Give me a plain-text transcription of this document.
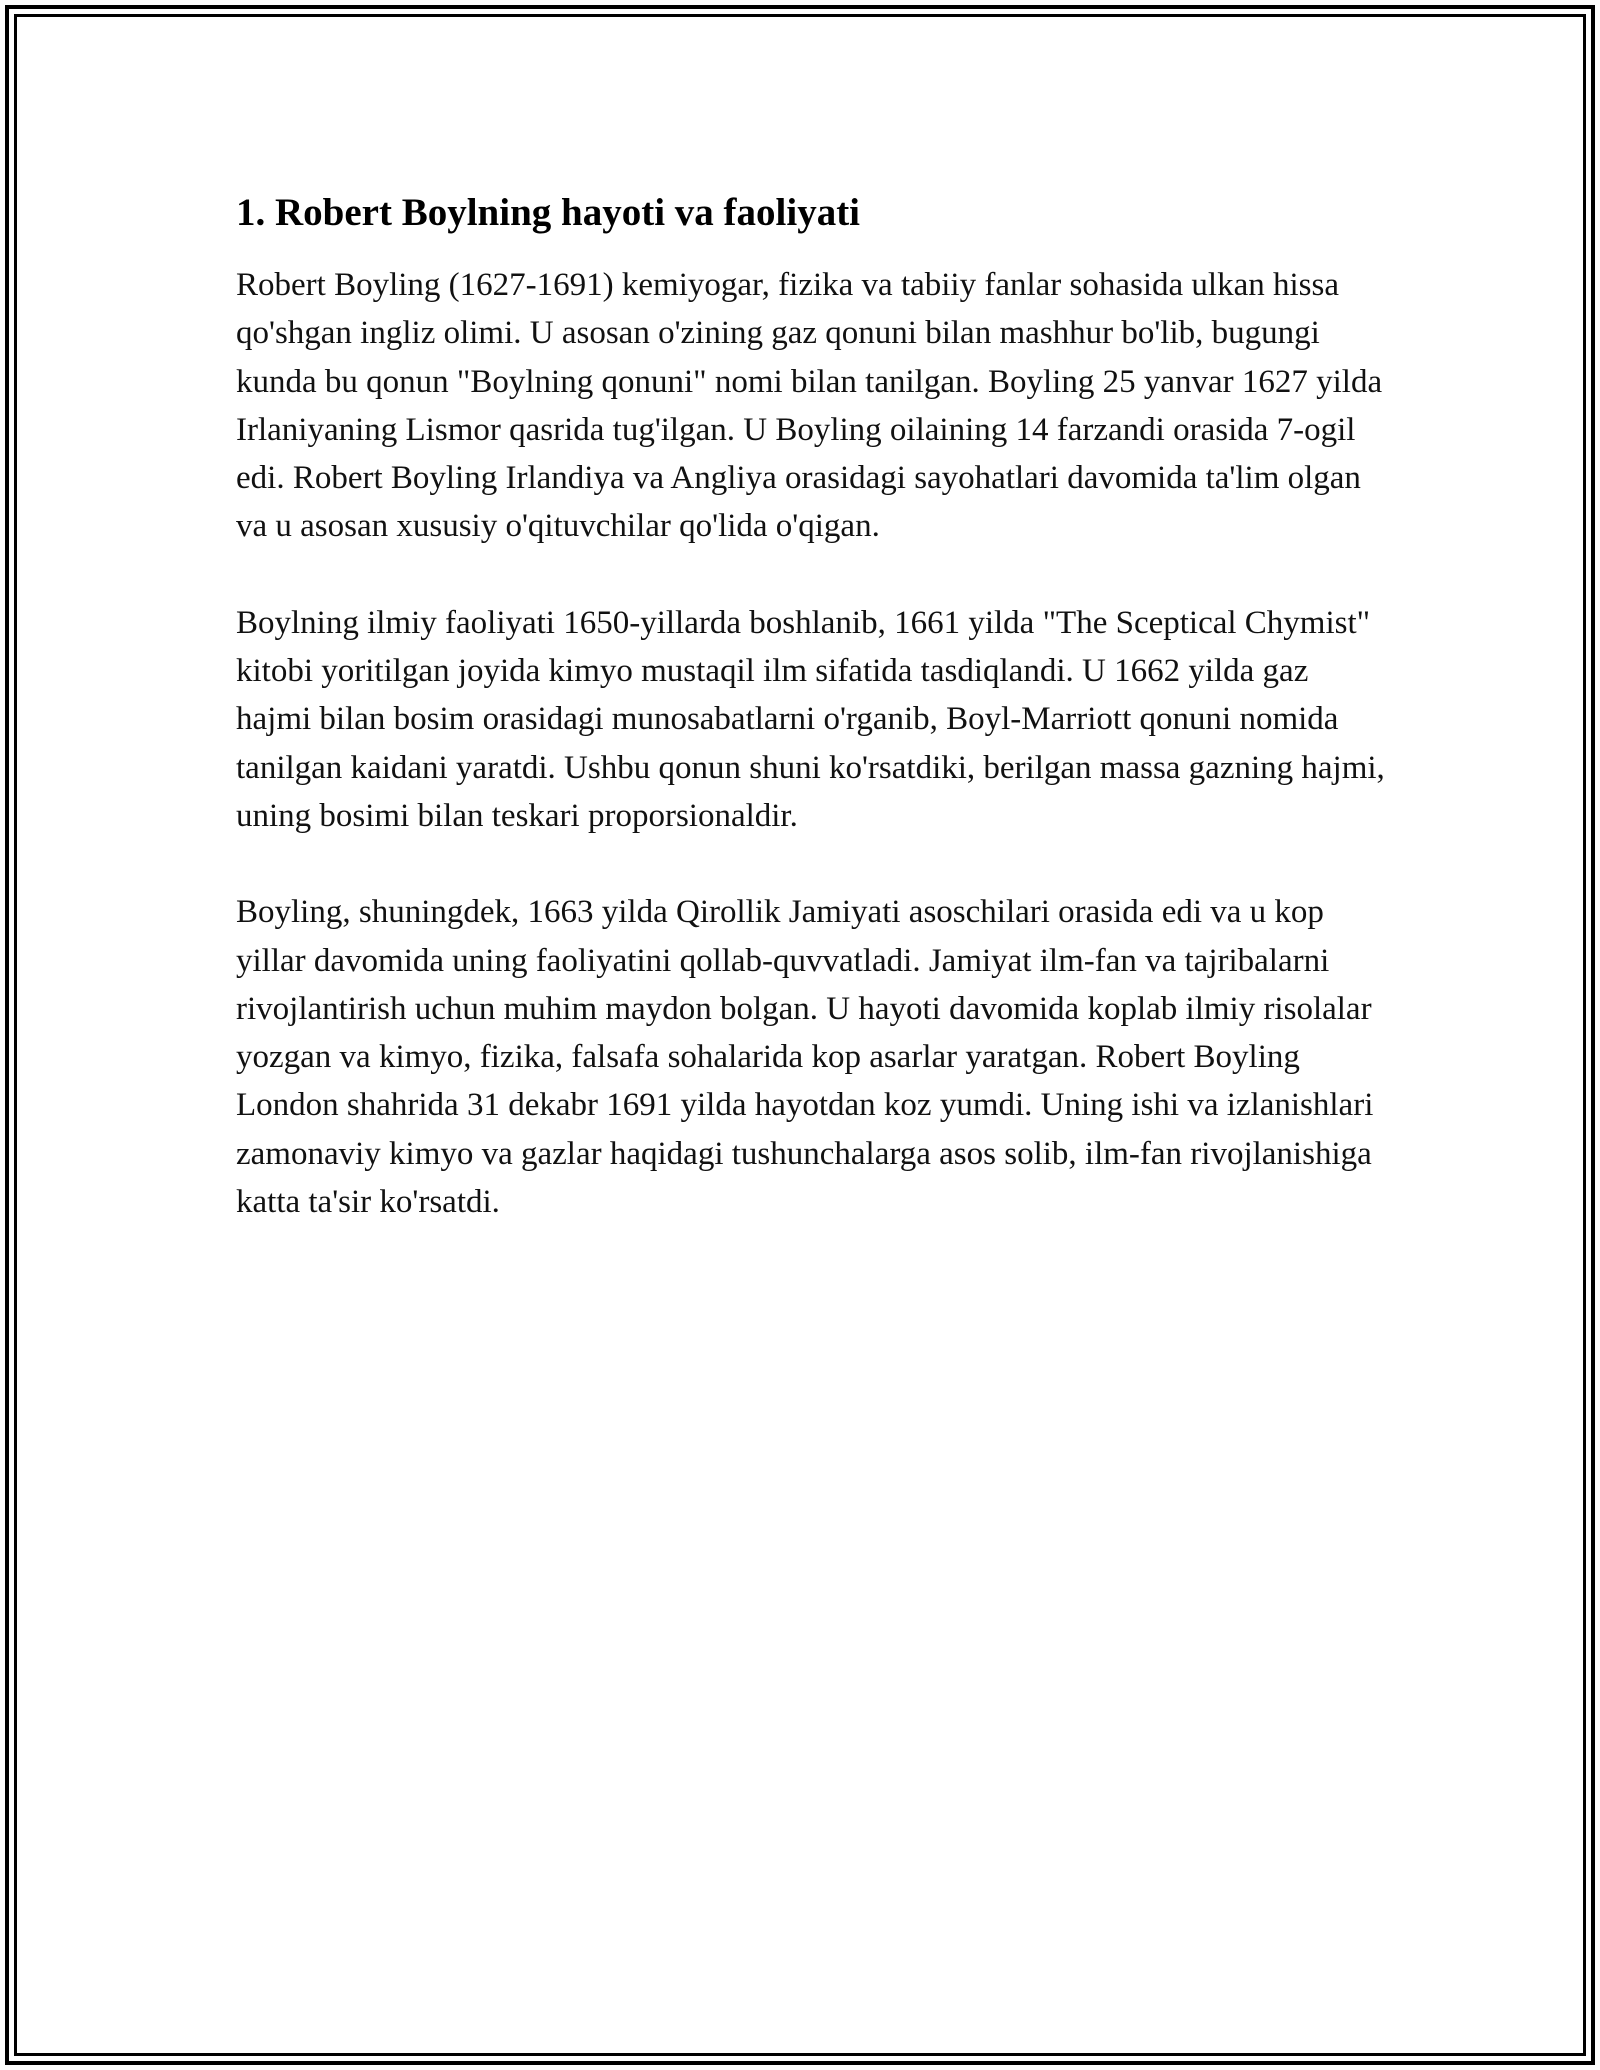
1. Robert Boylning hayoti va faoliyati

Robert Boyling (1627-1691) kemiyogar, fizika va tabiiy fanlar sohasida ulkan hissa qo'shgan ingliz olimi. U asosan o'zining gaz qonuni bilan mashhur bo'lib, bugungi kunda bu qonun "Boylning qonuni" nomi bilan tanilgan. Boyling 25 yanvar 1627 yilda Irlaniyaning Lismor qasrida tug'ilgan. U Boyling oilaining 14 farzandi orasida 7-ogil edi. Robert Boyling Irlandiya va Angliya orasidagi sayohatlari davomida ta'lim olgan va u asosan xususiy o'qituvchilar qo'lida o'qigan.

Boylning ilmiy faoliyati 1650-yillarda boshlanib, 1661 yilda "The Sceptical Chymist" kitobi yoritilgan joyida kimyo mustaqil ilm sifatida tasdiqlandi. U 1662 yilda gaz hajmi bilan bosim orasidagi munosabatlarni o'rganib, Boyl-Marriott qonuni nomida tanilgan kaidani yaratdi. Ushbu qonun shuni ko'rsatdiki, berilgan massa gazning hajmi, uning bosimi bilan teskari proporsionaldir.

Boyling, shuningdek, 1663 yilda Qirollik Jamiyati asoschilari orasida edi va u kop yillar davomida uning faoliyatini qollab-quvvatladi. Jamiyat ilm-fan va tajribalarni rivojlantirish uchun muhim maydon bolgan. U hayoti davomida koplab ilmiy risolalar yozgan va kimyo, fizika, falsafa sohalarida kop asarlar yaratgan. Robert Boyling London shahrida 31 dekabr 1691 yilda hayotdan koz yumdi. Uning ishi va izlanishlari zamonaviy kimyo va gazlar haqidagi tushunchalarga asos solib, ilm-fan rivojlanishiga katta ta'sir ko'rsatdi.
